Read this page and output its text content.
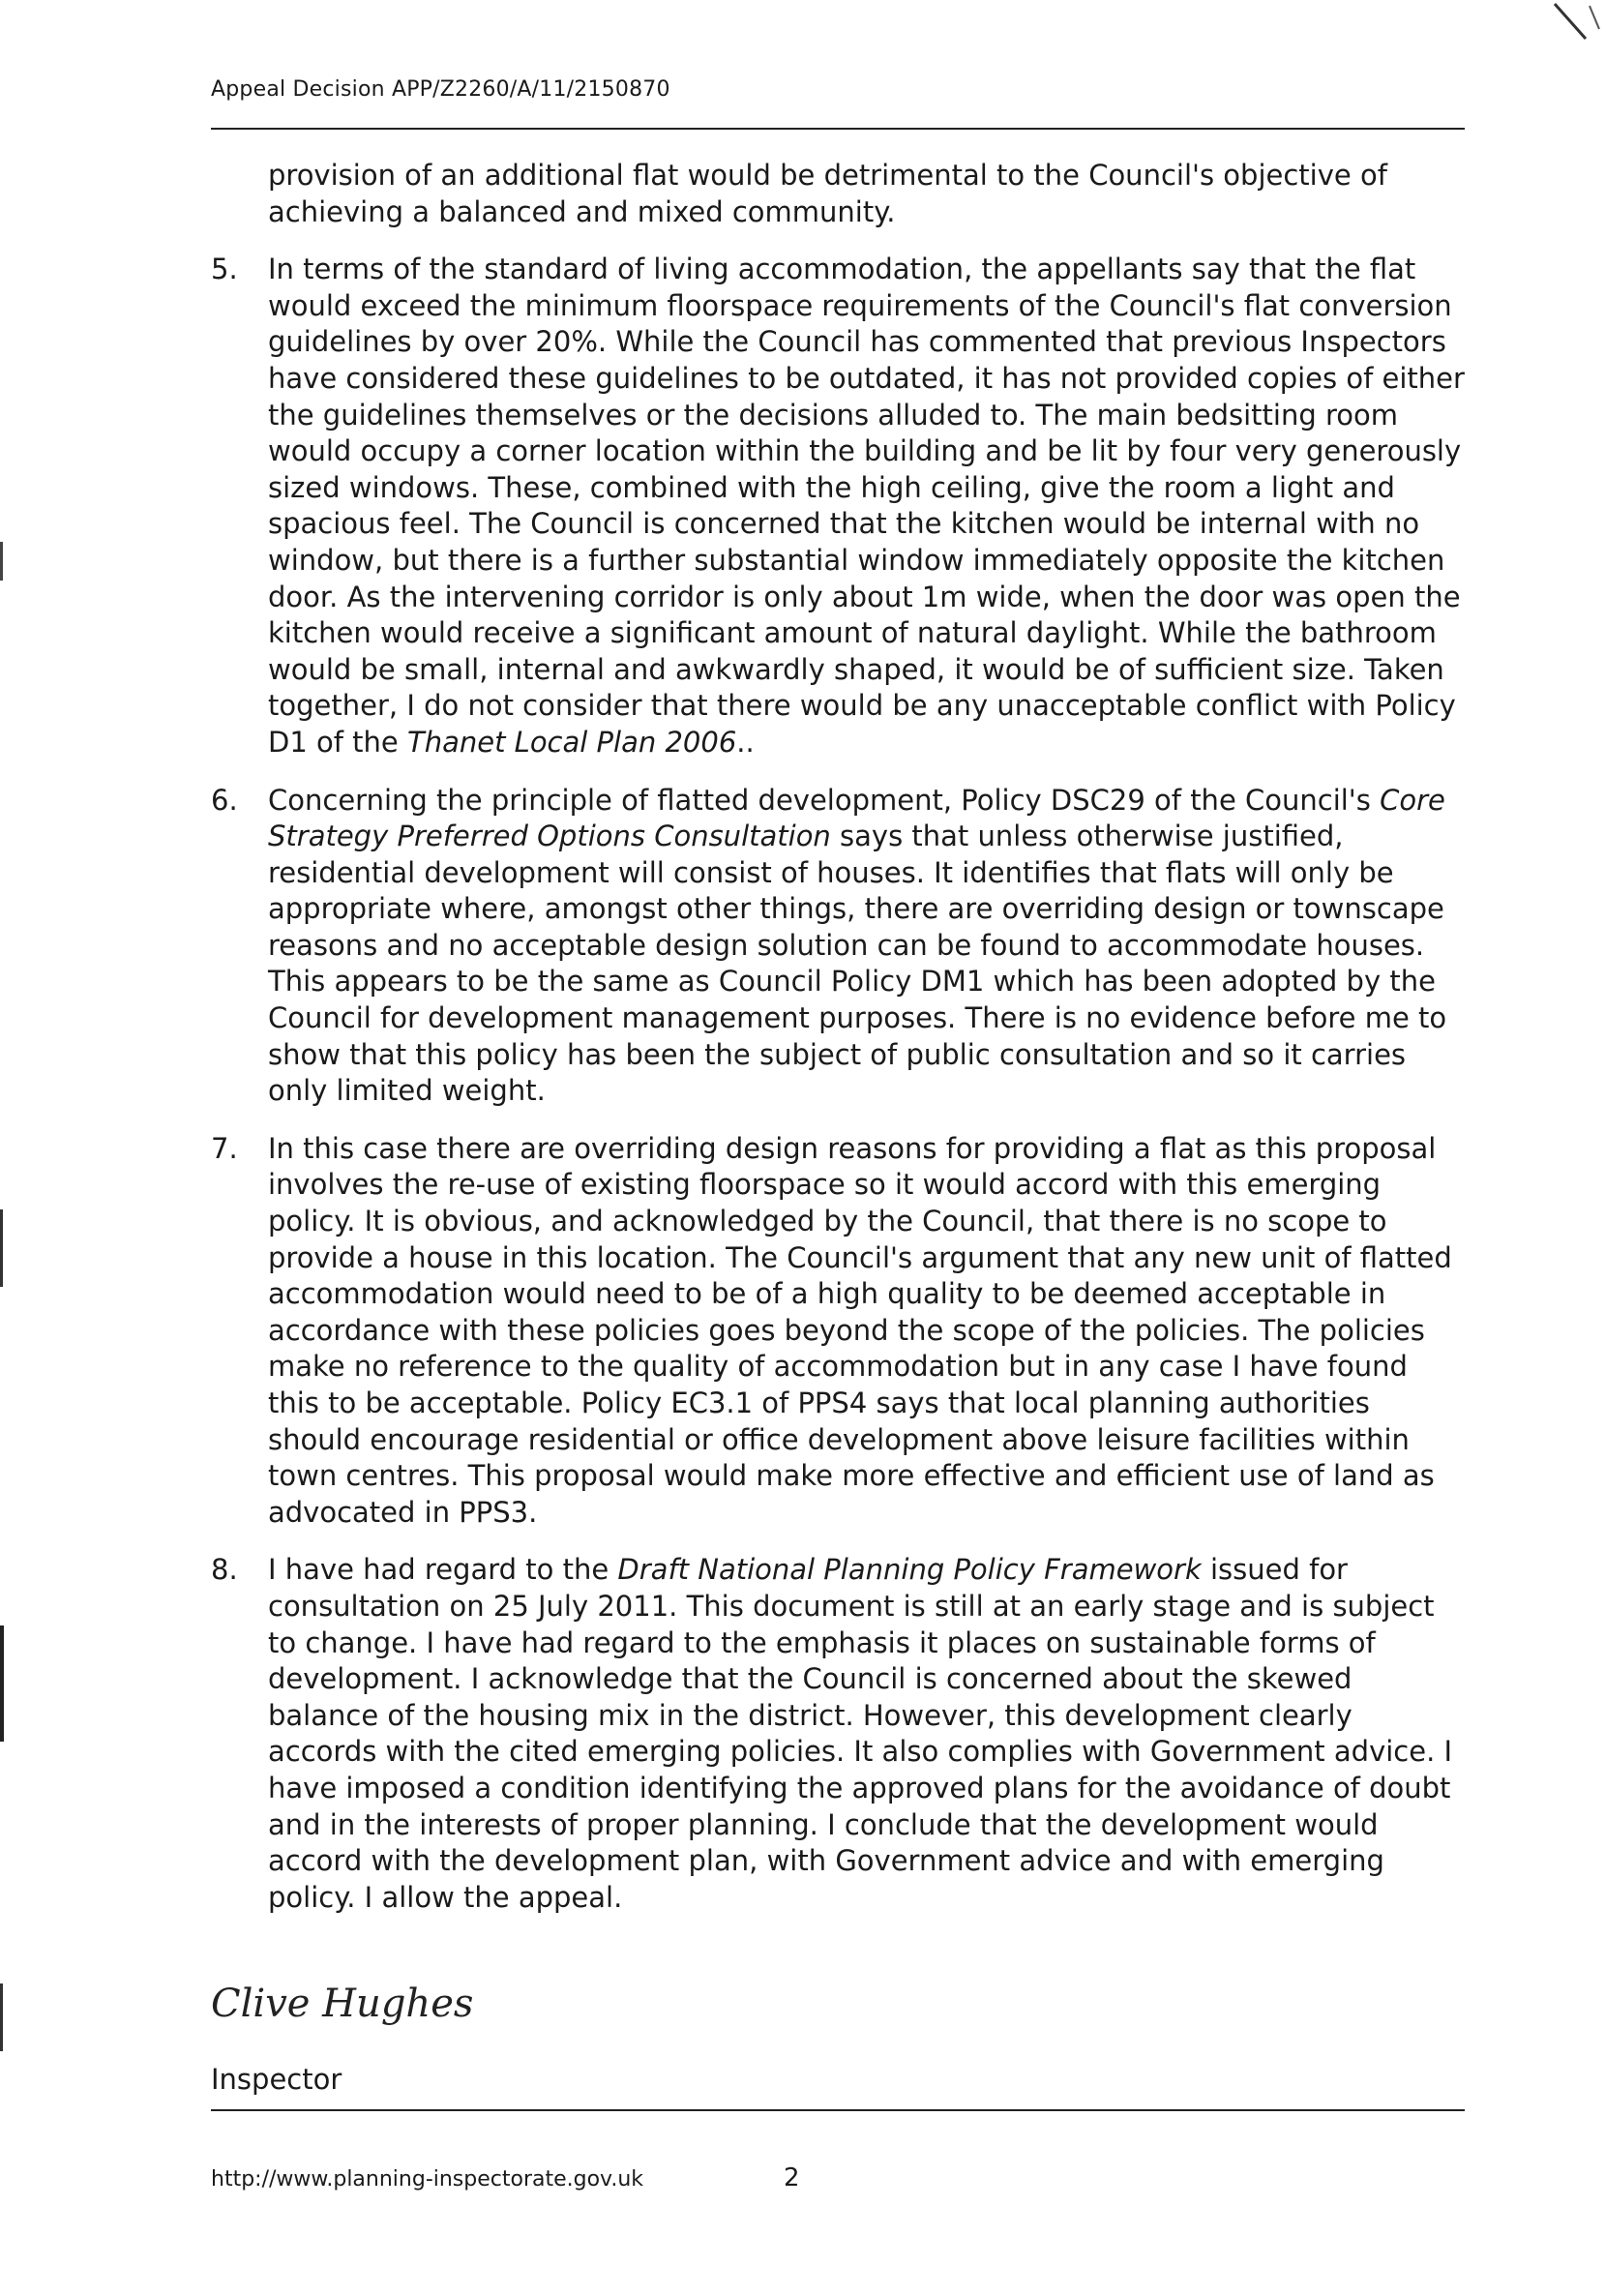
Appeal Decision APP/Z2260/A/11/2150870

provision of an additional flat would be detrimental to the Council's objective of achieving a balanced and mixed community.

5.	In terms of the standard of living accommodation, the appellants say that the flat would exceed the minimum floorspace requirements of the Council's flat conversion guidelines by over 20%. While the Council has commented that previous Inspectors have considered these guidelines to be outdated, it has not provided copies of either the guidelines themselves or the decisions alluded to. The main bedsitting room would occupy a corner location within the building and be lit by four very generously sized windows. These, combined with the high ceiling, give the room a light and spacious feel. The Council is concerned that the kitchen would be internal with no window, but there is a further substantial window immediately opposite the kitchen door. As the intervening corridor is only about 1m wide, when the door was open the kitchen would receive a significant amount of natural daylight. While the bathroom would be small, internal and awkwardly shaped, it would be of sufficient size. Taken together, I do not consider that there would be any unacceptable conflict with Policy D1 of the Thanet Local Plan 2006..

6.	Concerning the principle of flatted development, Policy DSC29 of the Council's Core Strategy Preferred Options Consultation says that unless otherwise justified, residential development will consist of houses. It identifies that flats will only be appropriate where, amongst other things, there are overriding design or townscape reasons and no acceptable design solution can be found to accommodate houses. This appears to be the same as Council Policy DM1 which has been adopted by the Council for development management purposes. There is no evidence before me to show that this policy has been the subject of public consultation and so it carries only limited weight.

7.	In this case there are overriding design reasons for providing a flat as this proposal involves the re-use of existing floorspace so it would accord with this emerging policy. It is obvious, and acknowledged by the Council, that there is no scope to provide a house in this location. The Council's argument that any new unit of flatted accommodation would need to be of a high quality to be deemed acceptable in accordance with these policies goes beyond the scope of the policies. The policies make no reference to the quality of accommodation but in any case I have found this to be acceptable. Policy EC3.1 of PPS4 says that local planning authorities should encourage residential or office development above leisure facilities within town centres. This proposal would make more effective and efficient use of land as advocated in PPS3.

8.	I have had regard to the Draft National Planning Policy Framework issued for consultation on 25 July 2011. This document is still at an early stage and is subject to change. I have had regard to the emphasis it places on sustainable forms of development. I acknowledge that the Council is concerned about the skewed balance of the housing mix in the district. However, this development clearly accords with the cited emerging policies. It also complies with Government advice. I have imposed a condition identifying the approved plans for the avoidance of doubt and in the interests of proper planning. I conclude that the development would accord with the development plan, with Government advice and with emerging policy. I allow the appeal.

Clive Hughes
Inspector
http://www.planning-inspectorate.gov.uk	2
